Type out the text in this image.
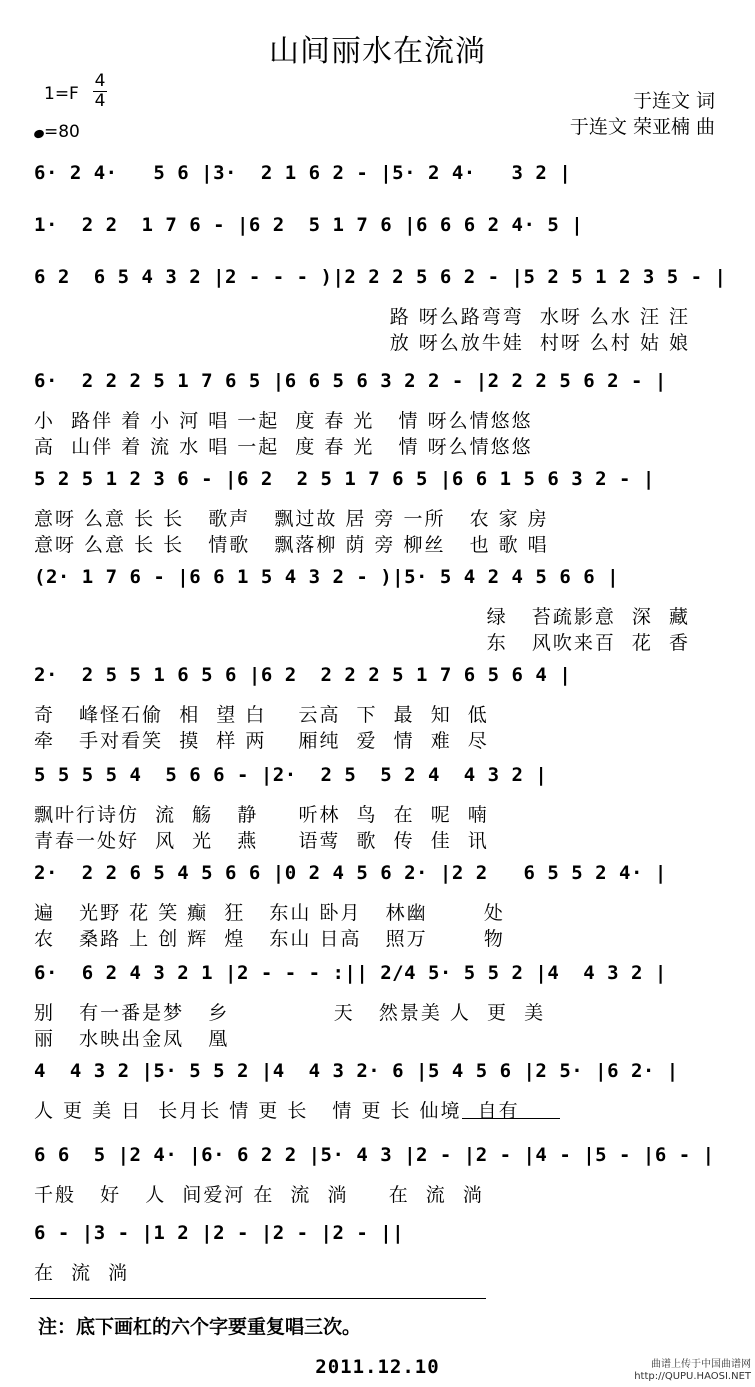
山间丽水在流淌
1=F
4
4
=80
于连文 词
于连文 荣亚楠 曲
6· 2 4·   5 6 |3·  2 1 6 2 - |5· 2 4·   3 2 |
1·  2 2  1 7 6 - |6 2  5 1 7 6 |6 6 6 2 4· 5 |
6 2  6 5 4 3 2 |2 - - - )|2 2 2 5 6 2 - |5 2 5 1 2 3 5 - |
路 呀么路弯弯  水呀 么水 汪 汪
放 呀么放牛娃  村呀 么村 姑 娘
6·  2 2 2 5 1 7 6 5 |6 6 5 6 3 2 2 - |2 2 2 5 6 2 - |
小  路伴 着 小 河 唱 一起  度 春 光   情 呀么情悠悠
高  山伴 着 流 水 唱 一起  度 春 光   情 呀么情悠悠
5 2 5 1 2 3 6 - |6 2  2 5 1 7 6 5 |6 6 1 5 6 3 2 - |
意呀 么意 长 长   歌声   飘过故 居 旁 一所   农 家 房
意呀 么意 长 长   情歌   飘落柳 荫 旁 柳丝   也 歌 唱
(2· 1 7 6 - |6 6 1 5 4 3 2 - )|5· 5 4 2 4 5 6 6 |
绿   苔疏影意  深  藏
东   风吹来百  花  香
2·  2 5 5 1 6 5 6 |6 2  2 2 2 5 1 7 6 5 6 4 |
奇   峰怪石偷  相  望 白    云高  下  最  知  低
牵   手对看笑  摸  样 两    厢纯  爱  情  难  尽
5 5 5 5 4  5 6 6 - |2·  2 5  5 2 4  4 3 2 |
飘叶行诗仿  流  觞   静     听林  鸟  在  呢  喃
青春一处好  风  光   燕     语莺  歌  传  佳  讯
2·  2 2 6 5 4 5 6 6 |0 2 4 5 6 2· |2 2   6 5 5 2 4· |
遍   光野 花 笑 癫  狂   东山 卧月   林幽       处
农   桑路 上 创 辉  煌   东山 日高   照万       物
6·  6 2 4 3 2 1 |2 - - - :|| 2/4 5· 5 5 2 |4  4 3 2 |
别   有一番是梦   乡             天   然景美 人  更  美
丽   水映出金凤   凰
4  4 3 2 |5· 5 5 2 |4  4 3 2· 6 |5 4 5 6 |2 5· |6 2· |
人 更 美 日  长月长 情 更 长   情 更 长 仙境  自有
6 6  5 |2 4· |6· 6 2 2 |5· 4 3 |2 - |2 - |4 - |5 - |6 - |
千般   好   人  间爱河 在  流  淌     在  流  淌
6 - |3 - |1 2 |2 - |2 - |2 - ||
在  流  淌
注：底下画杠的六个字要重复唱三次。
2011.12.10	曲谱上传于中国曲谱网
http://QUPU.HAOSI.NET
